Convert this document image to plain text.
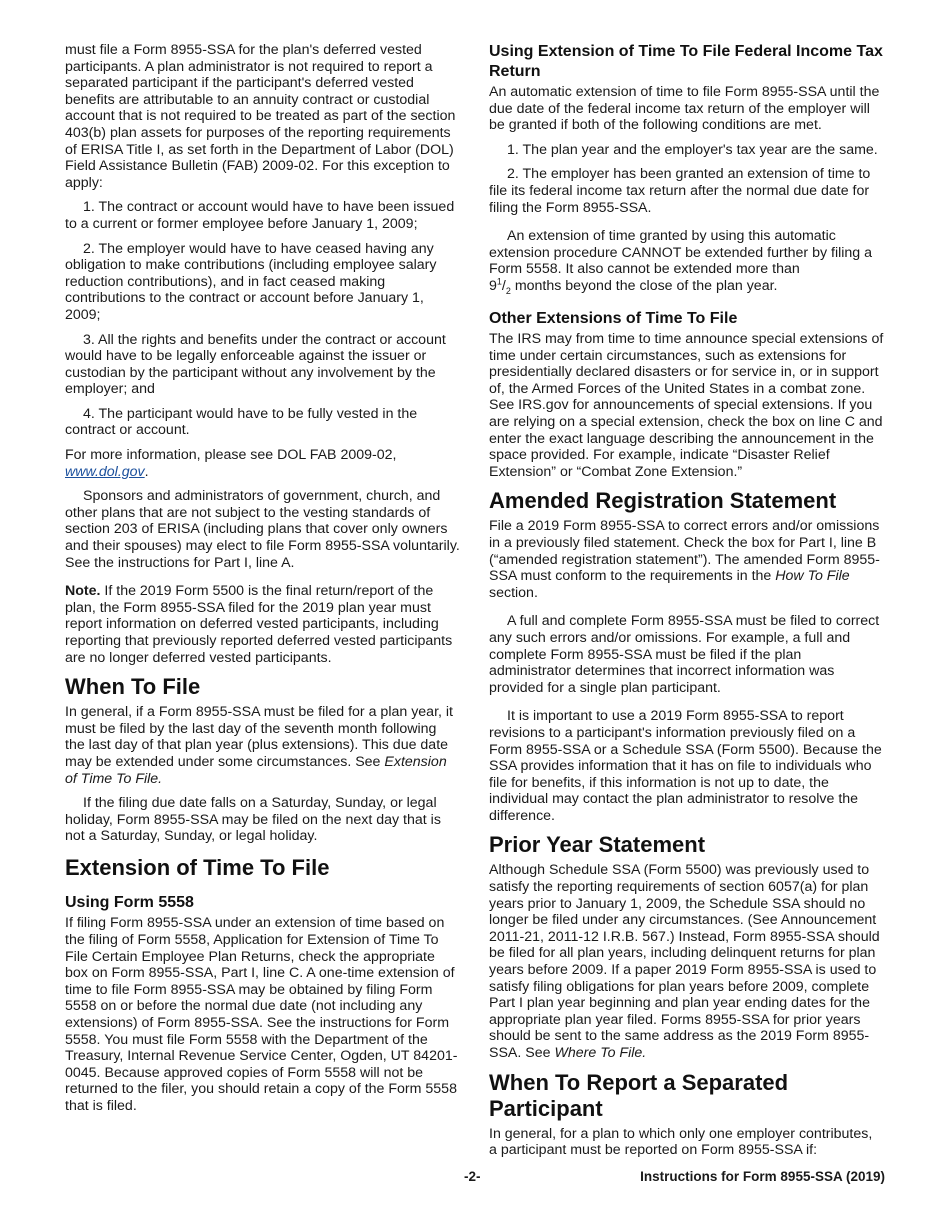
must file a Form 8955-SSA for the plan's deferred vested participants. A plan administrator is not required to report a separated participant if the participant's deferred vested benefits are attributable to an annuity contract or custodial account that is not required to be treated as part of the section 403(b) plan assets for purposes of the reporting requirements of ERISA Title I, as set forth in the Department of Labor (DOL) Field Assistance Bulletin (FAB) 2009-02. For this exception to apply:

1. The contract or account would have to have been issued to a current or former employee before January 1, 2009;

2. The employer would have to have ceased having any obligation to make contributions (including employee salary reduction contributions), and in fact ceased making contributions to the contract or account before January 1, 2009;

3. All the rights and benefits under the contract or account would have to be legally enforceable against the issuer or custodian by the participant without any involvement by the employer; and

4. The participant would have to be fully vested in the contract or account.

For more information, please see DOL FAB 2009-02, www.dol.gov.

Sponsors and administrators of government, church, and other plans that are not subject to the vesting standards of section 203 of ERISA (including plans that cover only owners and their spouses) may elect to file Form 8955-SSA voluntarily. See the instructions for Part I, line A.

Note. If the 2019 Form 5500 is the final return/report of the plan, the Form 8955-SSA filed for the 2019 plan year must report information on deferred vested participants, including reporting that previously reported deferred vested participants are no longer deferred vested participants.

When To File

In general, if a Form 8955-SSA must be filed for a plan year, it must be filed by the last day of the seventh month following the last day of that plan year (plus extensions). This due date may be extended under some circumstances. See Extension of Time To File.

If the filing due date falls on a Saturday, Sunday, or legal holiday, Form 8955-SSA may be filed on the next day that is not a Saturday, Sunday, or legal holiday.

Extension of Time To File
Using Form 5558

If filing Form 8955-SSA under an extension of time based on the filing of Form 5558, Application for Extension of Time To File Certain Employee Plan Returns, check the appropriate box on Form 8955-SSA, Part I, line C. A one-time extension of time to file Form 8955-SSA may be obtained by filing Form 5558 on or before the normal due date (not including any extensions) of Form 8955-SSA. See the instructions for Form 5558. You must file Form 5558 with the Department of the Treasury, Internal Revenue Service Center, Ogden, UT 84201-0045. Because approved copies of Form 5558 will not be returned to the filer, you should retain a copy of the Form 5558 that is filed.

Using Extension of Time To File Federal Income Tax Return

An automatic extension of time to file Form 8955-SSA until the due date of the federal income tax return of the employer will be granted if both of the following conditions are met.

1. The plan year and the employer's tax year are the same.

2. The employer has been granted an extension of time to file its federal income tax return after the normal due date for filing the Form 8955-SSA.

An extension of time granted by using this automatic extension procedure CANNOT be extended further by filing a Form 5558. It also cannot be extended more than
$9^1/_2$ months beyond the close of the plan year.

Other Extensions of Time To File

The IRS may from time to time announce special extensions of time under certain circumstances, such as extensions for presidentially declared disasters or for service in, or in support of, the Armed Forces of the United States in a combat zone. See IRS.gov for announcements of special extensions. If you are relying on a special extension, check the box on line C and enter the exact language describing the announcement in the space provided. For example, indicate “Disaster Relief Extension” or “Combat Zone Extension.”

Amended Registration Statement

File a 2019 Form 8955-SSA to correct errors and/or omissions in a previously filed statement. Check the box for Part I, line B (“amended registration statement”). The amended Form 8955-SSA must conform to the requirements in the How To File section.

A full and complete Form 8955-SSA must be filed to correct any such errors and/or omissions. For example, a full and complete Form 8955-SSA must be filed if the plan administrator determines that incorrect information was provided for a single plan participant.

It is important to use a 2019 Form 8955-SSA to report revisions to a participant's information previously filed on a Form 8955-SSA or a Schedule SSA (Form 5500). Because the SSA provides information that it has on file to individuals who file for benefits, if this information is not up to date, the individual may contact the plan administrator to resolve the difference.

Prior Year Statement

Although Schedule SSA (Form 5500) was previously used to satisfy the reporting requirements of section 6057(a) for plan years prior to January 1, 2009, the Schedule SSA should no longer be filed under any circumstances. (See Announcement 2011-21, 2011-12 I.R.B. 567.) Instead, Form 8955-SSA should be filed for all plan years, including delinquent returns for plan years before 2009. If a paper 2019 Form 8955-SSA is used to satisfy filing obligations for plan years before 2009, complete Part I plan year beginning and plan year ending dates for the appropriate plan year filed. Forms 8955-SSA for prior years should be sent to the same address as the 2019 Form 8955-SSA. See Where To File.

When To Report a Separated Participant

In general, for a plan to which only one employer contributes, a participant must be reported on Form 8955-SSA if:

-2-	Instructions for Form 8955-SSA (2019)
